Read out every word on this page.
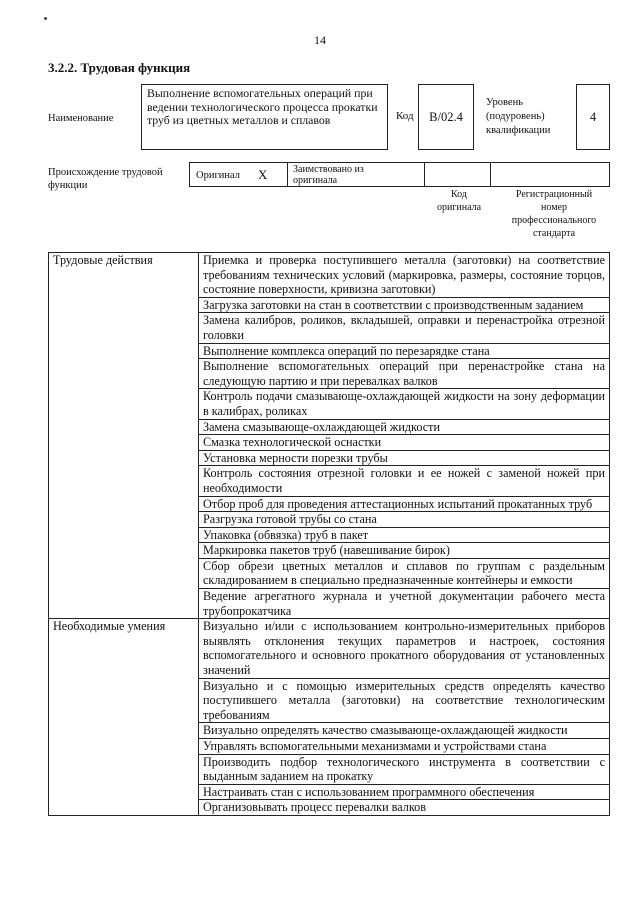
14
3.2.2. Трудовая функция
Наименование
Выполнение вспомогательных операций при ведении технологического процесса прокатки труб из цветных металлов и сплавов	Код	В/02.4
Уровень
(подуровень)
квалификации
4
Происхождение трудовой
функции
Оригинал X	Заимствовано из
оригинала
Код
оригинала
Регистрационный
номер
профессионального
стандарта
Трудовые действия	Приемка и проверка поступившего металла (заготовки) на соответствие требованиям технических условий (маркировка, размеры, состояние торцов, состояние поверхности, кривизна заготовки)
	Загрузка заготовки на стан в соответствии с производственным заданием
	Замена калибров, роликов, вкладышей, оправки и перенастройка отрезной головки
	Выполнение комплекса операций по перезарядке стана
	Выполнение вспомогательных операций при перенастройке стана на следующую партию и при перевалках валков
	Контроль подачи смазывающе-охлаждающей жидкости на зону деформации в калибрах, роликах
	Замена смазывающе-охлаждающей жидкости
	Смазка технологической оснастки
	Установка мерности порезки трубы
	Контроль состояния отрезной головки и ее ножей с заменой ножей при необходимости
	Отбор проб для проведения аттестационных испытаний прокатанных труб
	Разгрузка готовой трубы со стана
	Упаковка (обвязка) труб в пакет
	Маркировка пакетов труб (навешивание бирок)
	Сбор обрези цветных металлов и сплавов по группам с раздельным складированием в специально предназначенные контейнеры и емкости
	Ведение агрегатного журнала и учетной документации рабочего места трубопрокатчика
Необходимые умения	Визуально и/или с использованием контрольно-измерительных приборов выявлять отклонения текущих параметров и настроек, состояния вспомогательного и основного прокатного оборудования от установленных значений
	Визуально и с помощью измерительных средств определять качество поступившего металла (заготовки) на соответствие технологическим требованиям
	Визуально определять качество смазывающе-охлаждающей жидкости
	Управлять вспомогательными механизмами и устройствами стана
	Производить подбор технологического инструмента в соответствии с выданным заданием на прокатку
	Настраивать стан с использованием программного обеспечения
	Организовывать процесс перевалки валков
